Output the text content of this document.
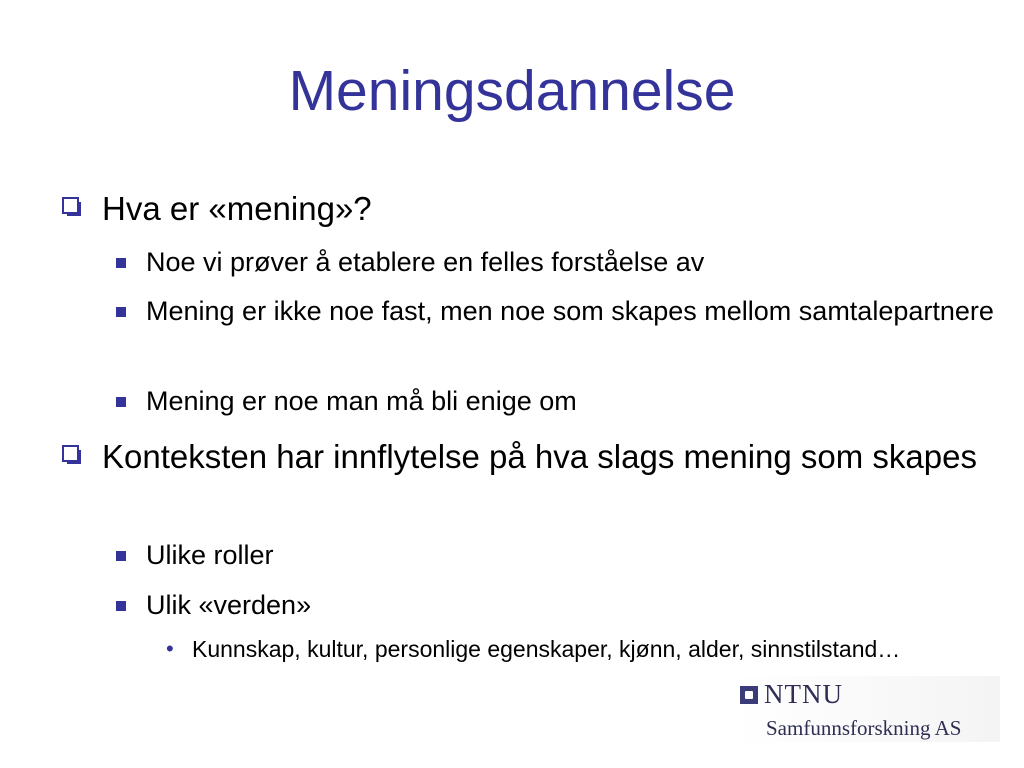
Meningsdannelse
Hva er «mening»?
Noe vi prøver å etablere en felles forståelse av
Mening er ikke noe fast, men noe som skapes mellom samtalepartnere
Mening er noe man må bli enige om
Konteksten har innflytelse på hva slags mening som skapes
Ulike roller
Ulik «verden»
• Kunnskap, kultur, personlige egenskaper, kjønn, alder, sinnstilstand…
NTNU
Samfunnsforskning AS
